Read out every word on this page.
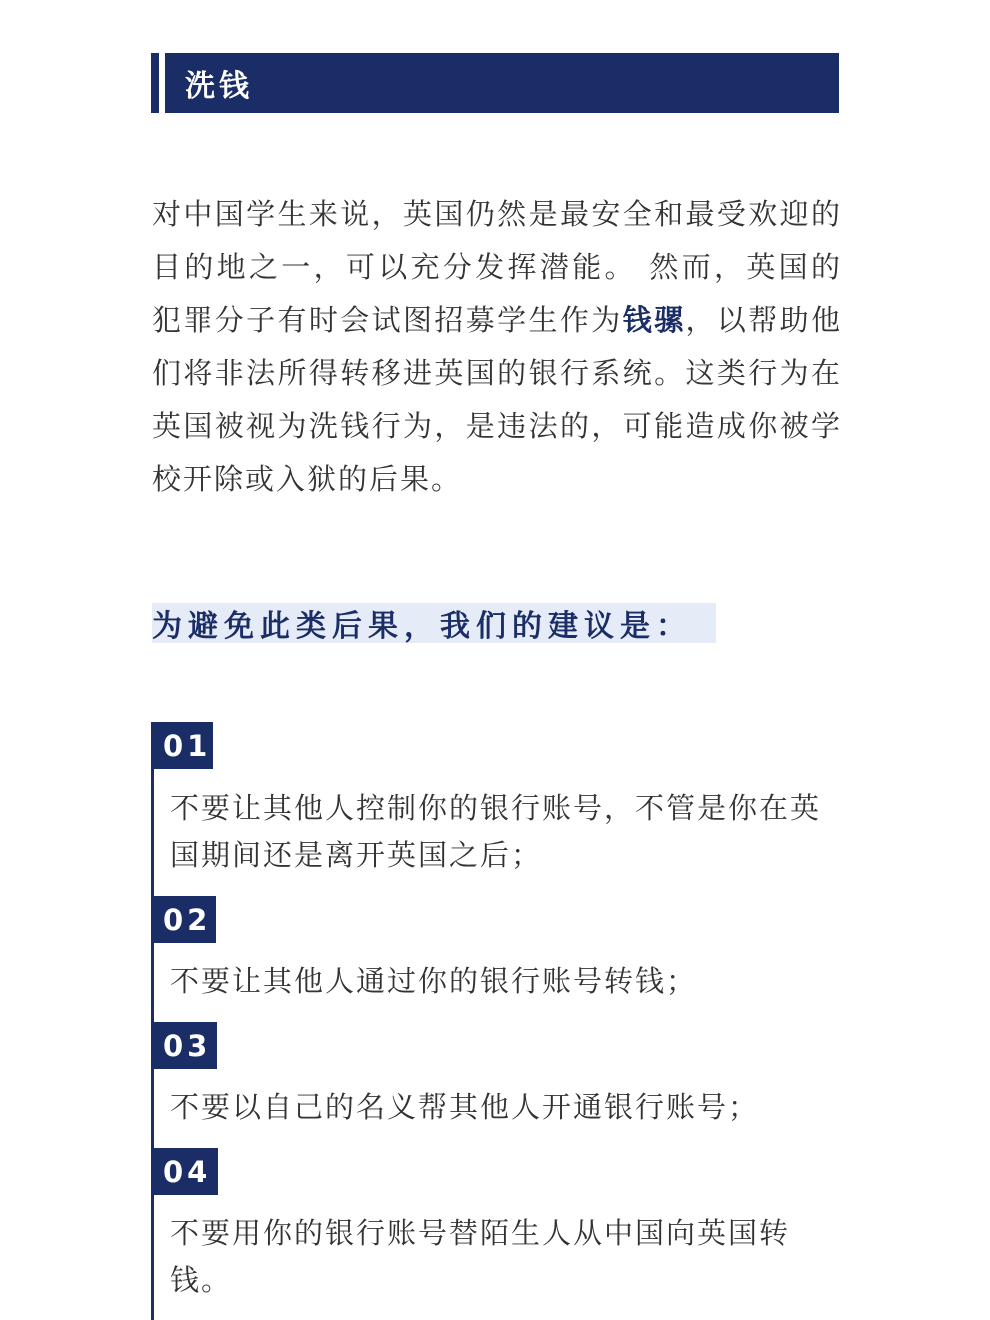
洗钱

对中国学生来说，英国仍然是最安全和最受欢迎的目的地之一，可以充分发挥潜能。 然而，英国的犯罪分子有时会试图招募学生作为钱骡，以帮助他们将非法所得转移进英国的银行系统。这类行为在英国被视为洗钱行为，是违法的，可能造成你被学校开除或入狱的后果。

为避免此类后果，我们的建议是：
01
不要让其他人控制你的银行账号，不管是你在英国期间还是离开英国之后；
02
不要让其他人通过你的银行账号转钱；
03
不要以自己的名义帮其他人开通银行账号；
04
不要用你的银行账号替陌生人从中国向英国转钱。
